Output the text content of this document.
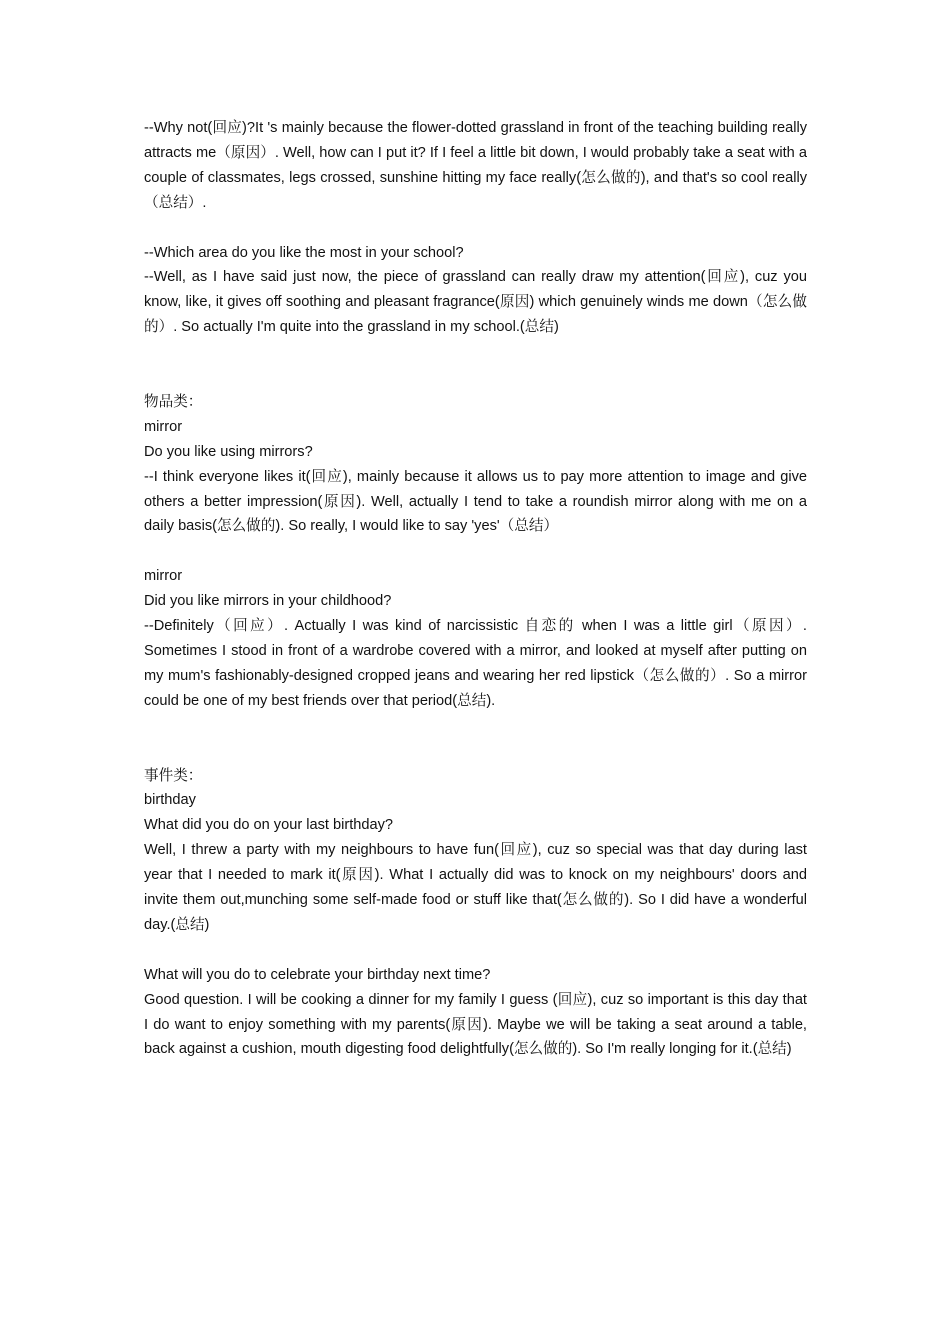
--Why not(回应)?It 's mainly because the flower-dotted grassland in front of the teaching building really attracts me（原因）. Well, how can I put it? If I feel a little bit down, I would probably take a seat with a couple of classmates, legs crossed, sunshine hitting my face really(怎么做的), and that's so cool really（总结）.
--Which area do you like the most in your school?
--Well, as I have said just now, the piece of grassland can really draw my attention(回应), cuz you know, like, it gives off soothing and pleasant fragrance(原因) which genuinely winds me down（怎么做的）. So actually I'm quite into the grassland in my school.(总结)
物品类：
mirror
Do you like using mirrors?
--I think everyone likes it(回应), mainly because it allows us to pay more attention to image and give others a better impression(原因). Well, actually I tend to take a roundish mirror along with me on a daily basis(怎么做的). So really, I would like to say 'yes'（总结）
mirror
Did you like mirrors in your childhood?
--Definitely（回应）. Actually I was kind of narcissistic 自恋的 when I was a little girl（原因）. Sometimes I stood in front of a wardrobe covered with a mirror, and looked at myself after putting on my mum's fashionably-designed cropped jeans and wearing her red lipstick（怎么做的）. So a mirror could be one of my best friends over that period(总结).
事件类：
birthday
What did you do on your last birthday?
Well, I threw a party with my neighbours to have fun(回应), cuz so special was that day during last year that I needed to mark it(原因). What I actually did was to knock on my neighbours' doors and invite them out,munching some self-made food or stuff like that(怎么做的). So I did have a wonderful day.(总结)
What will you do to celebrate your birthday next time?
Good question. I will be cooking a dinner for my family I guess (回应), cuz so important is this day that I do want to enjoy something with my parents(原因). Maybe we will be taking a seat around a table, back against a cushion, mouth digesting food delightfully(怎么做的). So I'm really longing for it.(总结)
